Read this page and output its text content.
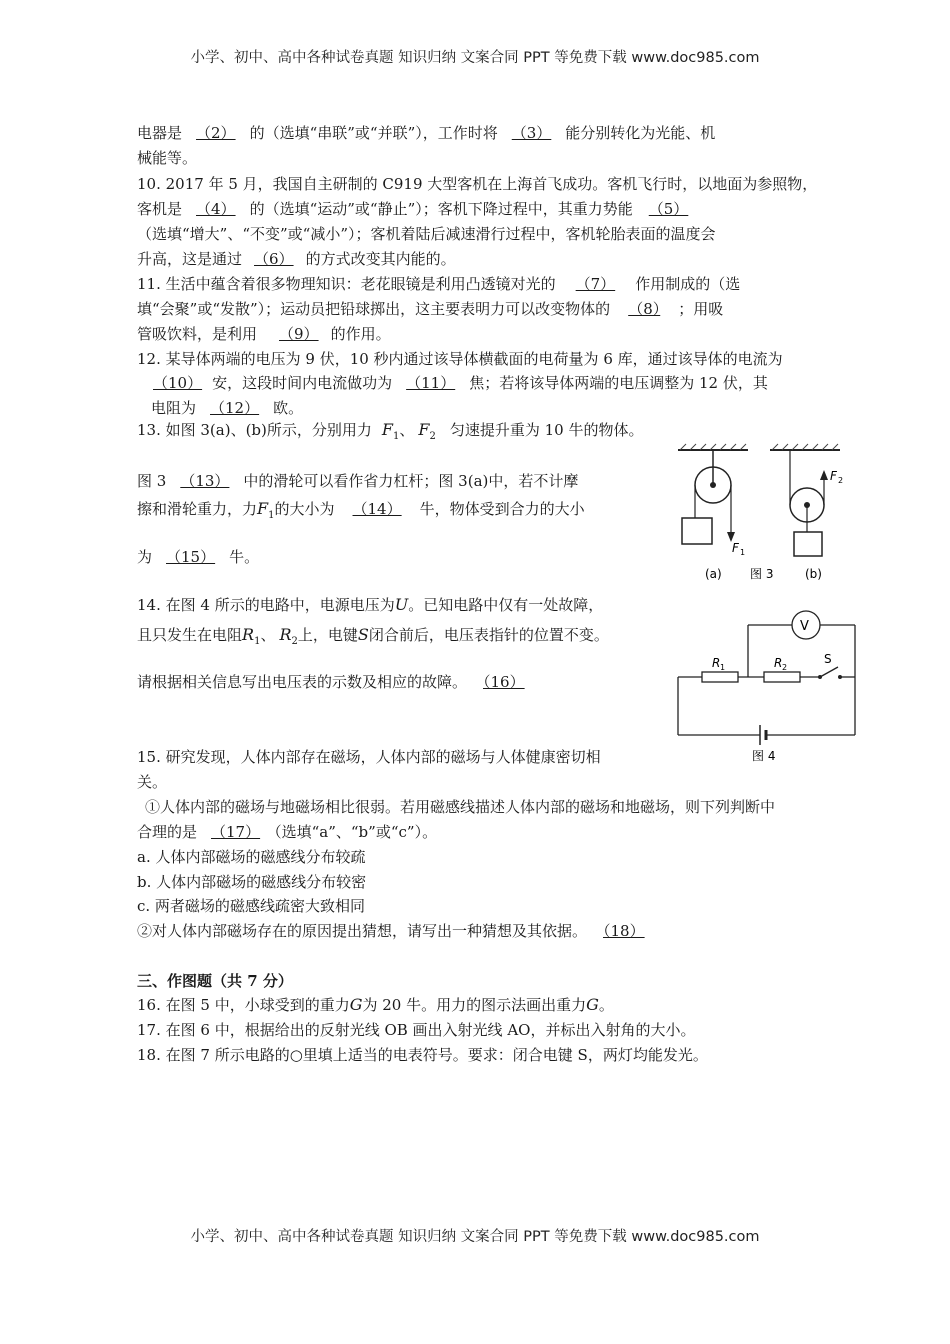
小学、初中、高中各种试卷真题 知识归纳 文案合同 PPT 等免费下载 www.doc985.com
电器是 （2） 的（选填“串联”或“并联”），工作时将 （3） 能分别转化为光能、机
械能等。
10. 2017 年 5 月，我国自主研制的 C919 大型客机在上海首飞成功。客机飞行时，以地面为参照物，
客机是 （4） 的（选填“运动”或“静止”）；客机下降过程中，其重力势能 （5）
（选填“增大”、“不变”或“减小”）；客机着陆后减速滑行过程中，客机轮胎表面的温度会
升高，这是通过 （6） 的方式改变其内能的。
11. 生活中蕴含着很多物理知识：老花眼镜是利用凸透镜对光的 （7） 作用制成的（选
填“会聚”或“发散”）；运动员把铅球掷出，这主要表明力可以改变物体的 （8） ；用吸
管吸饮料，是利用 （9） 的作用。
12. 某导体两端的电压为 9 伏，10 秒内通过该导体横截面的电荷量为 6 库，通过该导体的电流为
（10） 安，这段时间内电流做功为 （11） 焦；若将该导体两端的电压调整为 12 伏，其
电阻为 （12） 欧。
13. 如图 3(a)、(b)所示，分别用力 $F_1$、 $F_2$ 匀速提升重为 10 牛的物体。
图 3 （13） 中的滑轮可以看作省力杠杆；图 3(a)中，若不计摩
擦和滑轮重力，力$F_1$的大小为 （14） 牛，物体受到合力的大小
为 （15） 牛。
14. 在图 4 所示的电路中，电源电压为U。已知电路中仅有一处故障，
且只发生在电阻$R_1$、 $R_2$上，电键S闭合前后，电压表指针的位置不变。
请根据相关信息写出电压表的示数及相应的故障。 （16）
15. 研究发现，人体内部存在磁场，人体内部的磁场与人体健康密切相
关。
①人体内部的磁场与地磁场相比很弱。若用磁感线描述人体内部的磁场和地磁场，则下列判断中
合理的是 （17） （选填“a”、“b”或“c”）。
a. 人体内部磁场的磁感线分布较疏
b. 人体内部磁场的磁感线分布较密
c. 两者磁场的磁感线疏密大致相同
②对人体内部磁场存在的原因提出猜想，请写出一种猜想及其依据。 （18）
三、作图题（共 7 分）
16. 在图 5 中，小球受到的重力G为 20 牛。用力的图示法画出重力G。
17. 在图 6 中，根据给出的反射光线 OB 画出入射光线 AO，并标出入射角的大小。
18. 在图 7 所示电路的○里填上适当的电表符号。要求：闭合电键 S，两灯均能发光。
F 1
(a)
F 2
图 3	(b)
V
R 1	R 2
S
图 4
小学、初中、高中各种试卷真题 知识归纳 文案合同 PPT 等免费下载 www.doc985.com
